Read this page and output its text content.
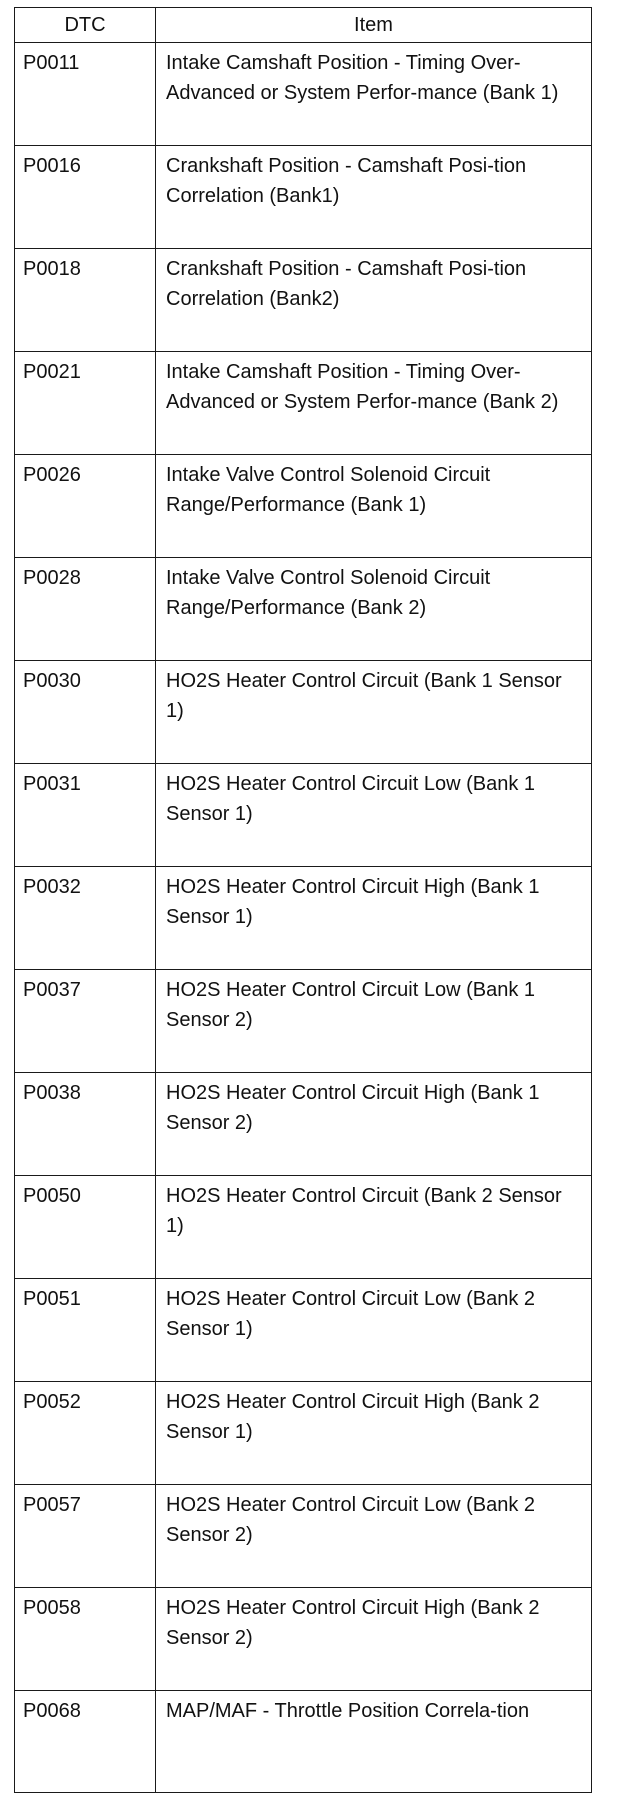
DTC	Item
P0011	Intake Camshaft Position - Timing Over-Advanced or System Perfor-mance (Bank 1)
P0016	Crankshaft Position - Camshaft Posi-tion Correlation (Bank1)
P0018	Crankshaft Position - Camshaft Posi-tion Correlation (Bank2)
P0021	Intake Camshaft Position - Timing Over-Advanced or System Perfor-mance (Bank 2)
P0026	Intake Valve Control Solenoid Circuit Range/Performance (Bank 1)
P0028	Intake Valve Control Solenoid Circuit Range/Performance (Bank 2)
P0030	HO2S Heater Control Circuit (Bank 1 Sensor 1)
P0031	HO2S Heater Control Circuit Low (Bank 1 Sensor 1)
P0032	HO2S Heater Control Circuit High (Bank 1 Sensor 1)
P0037	HO2S Heater Control Circuit Low (Bank 1 Sensor 2)
P0038	HO2S Heater Control Circuit High (Bank 1 Sensor 2)
P0050	HO2S Heater Control Circuit (Bank 2 Sensor 1)
P0051	HO2S Heater Control Circuit Low (Bank 2 Sensor 1)
P0052	HO2S Heater Control Circuit High (Bank 2 Sensor 1)
P0057	HO2S Heater Control Circuit Low (Bank 2 Sensor 2)
P0058	HO2S Heater Control Circuit High (Bank 2 Sensor 2)
P0068	MAP/MAF - Throttle Position Correla-tion
